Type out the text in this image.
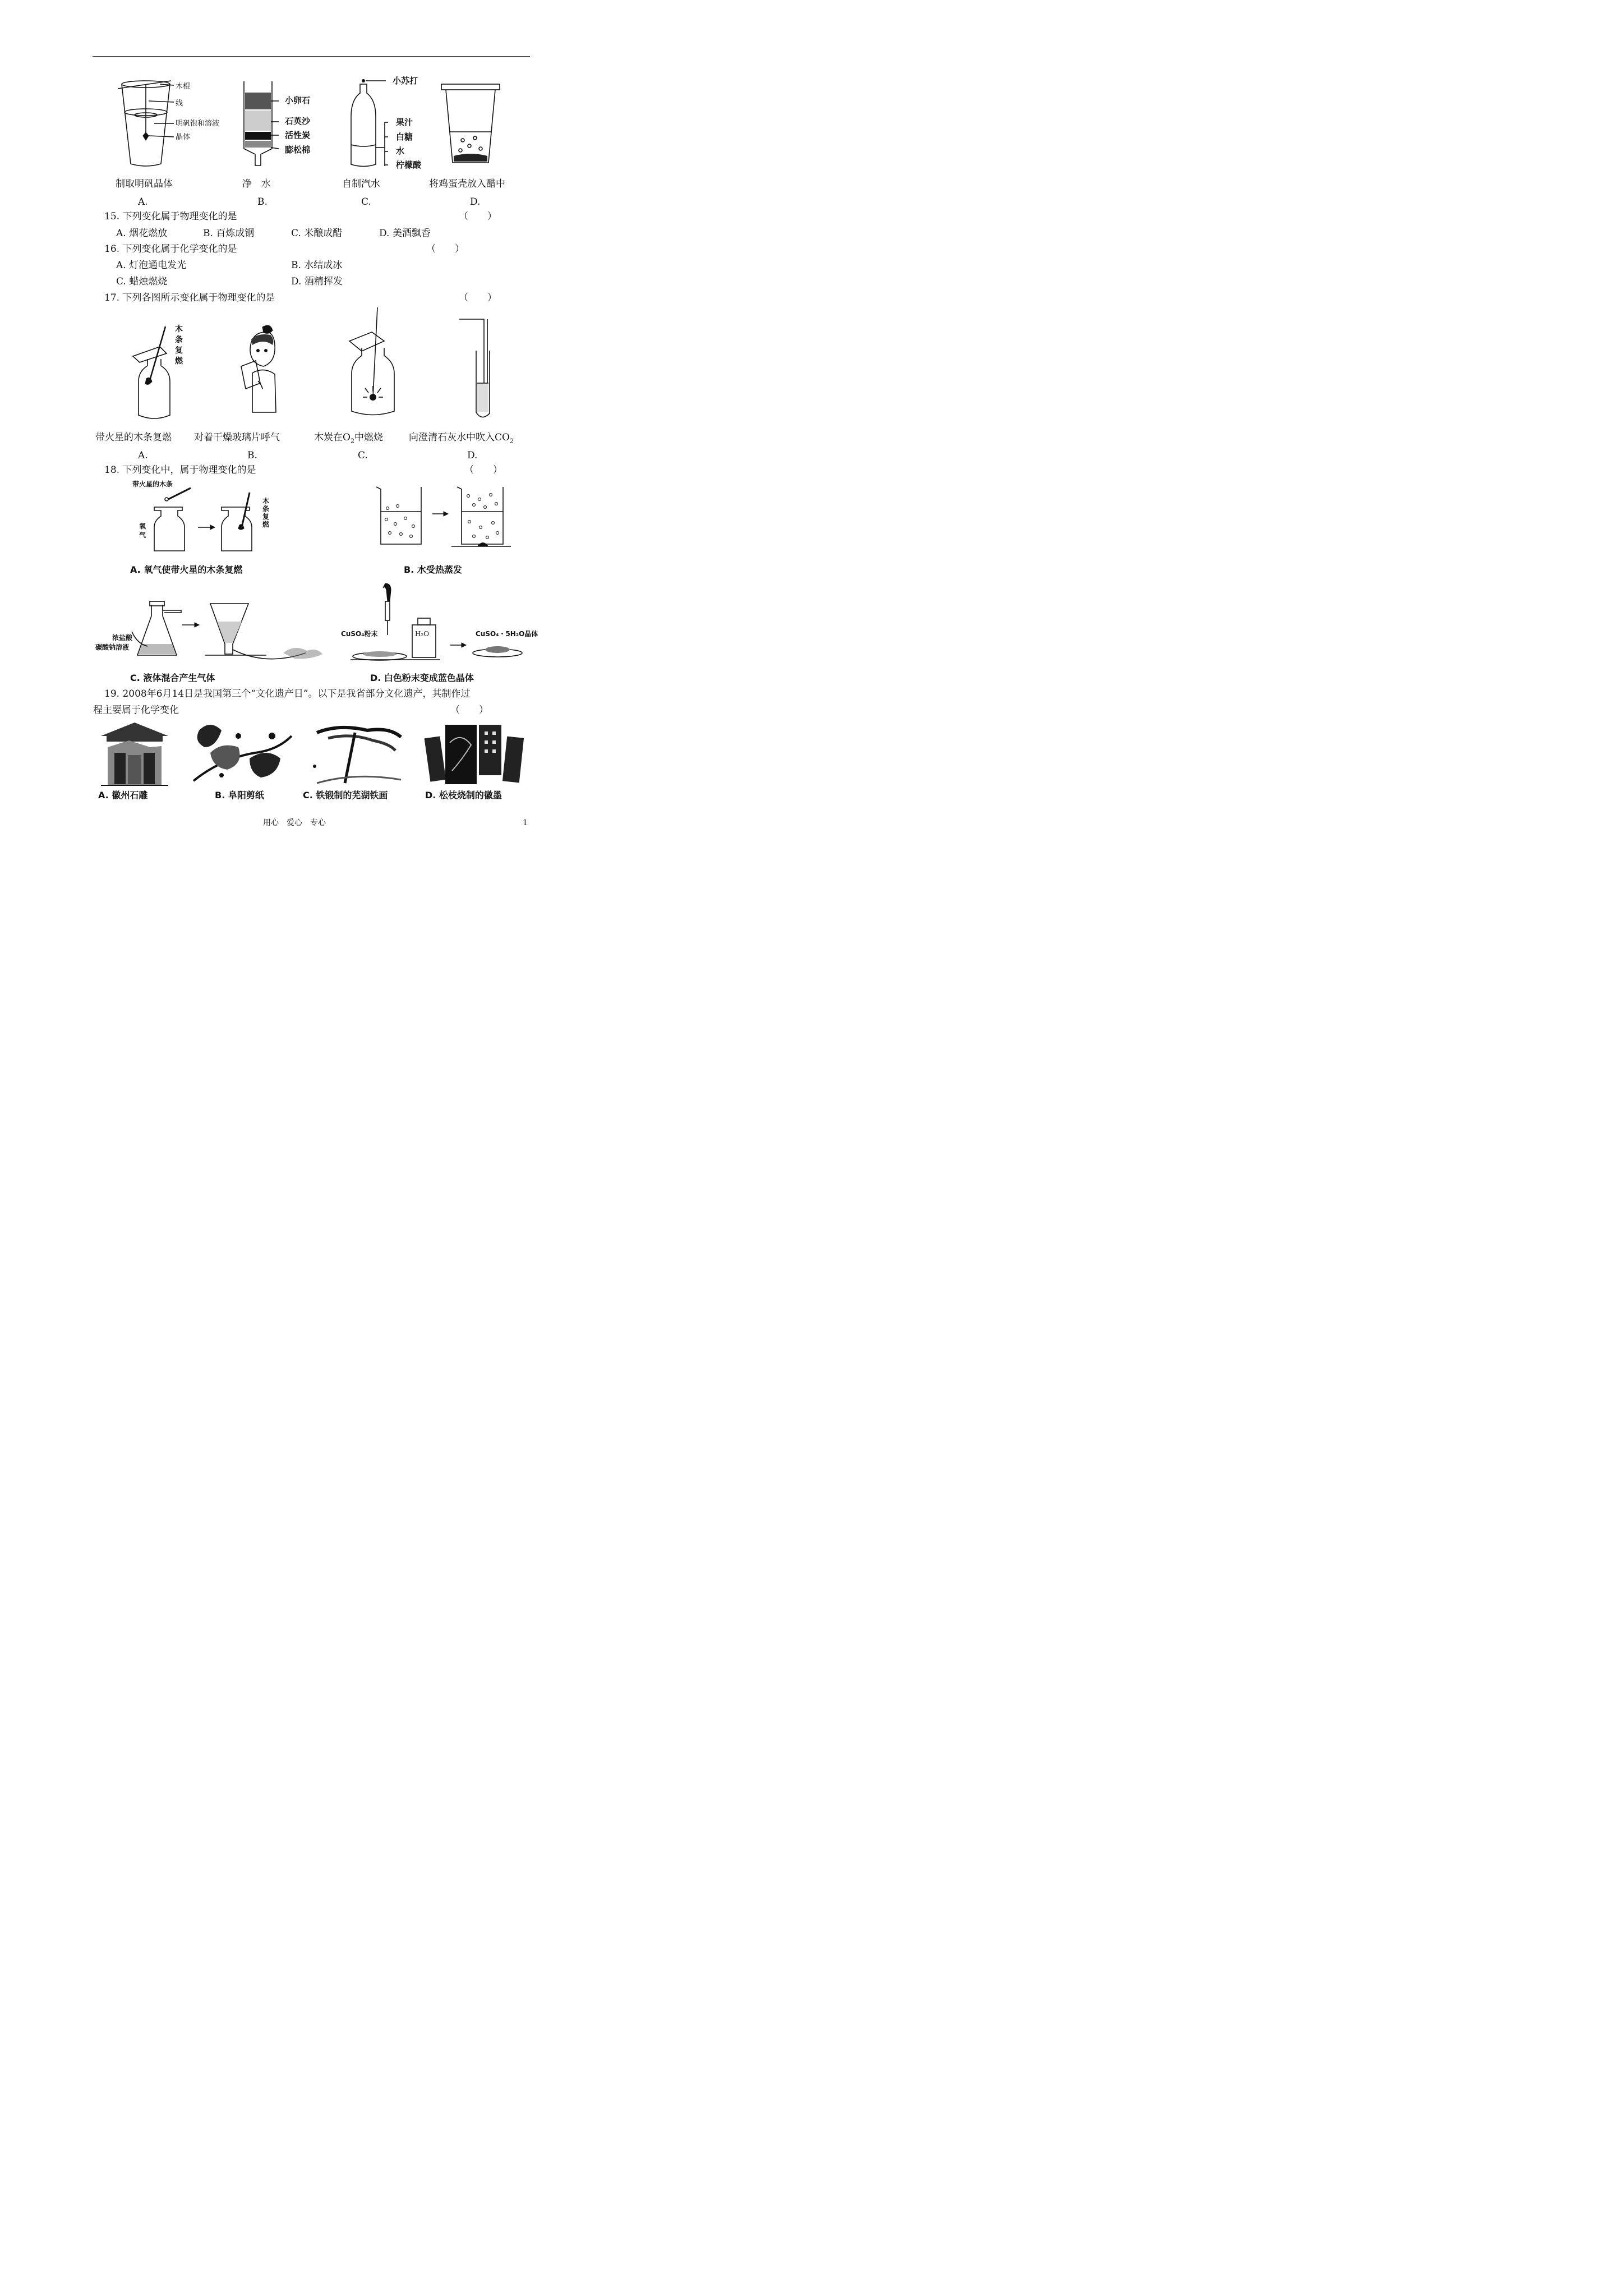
木棍
线
明矾饱和溶液
晶体
小卵石
石英沙
活性炭
膨松棉
小苏打
果汁
白糖
水
柠檬酸
制取明矾晶体	净　水	自制汽水	将鸡蛋壳放入醋中
A.	B.	C.	D.
15. 下列变化属于物理变化的是	（　　）
A. 烟花燃放	B. 百炼成钢	C. 米酿成醋	D. 美酒飘香
16. 下列变化属于化学变化的是	（　　）
A. 灯泡通电发光	B. 水结成冰
C. 蜡烛燃烧	D. 酒精挥发
17. 下列各图所示变化属于物理变化的是	（　　）
木条复燃
带火星的木条复燃 对着干燥玻璃片呼气	木炭在$O_2$中燃烧	向澄清石灰水中吹入$CO_2$
A.	B.	C.	D.
18. 下列变化中，属于物理变化的是	（　　）
带火星的木条
氧气
木条复燃
A. 氧气使带火星的木条复燃	B. 水受热蒸发
浓盐酸
碳酸钠溶液
C. 液体混合产生气体
CuSO₄粉末	H₂O	CuSO₄・5H₂O晶体
D. 白色粉末变成蓝色晶体
19. 2008年6月14日是我国第三个“文化遗产日”。以下是我省部分文化遗产，其制作过
程主要属于化学变化	（　　）
A. 徽州石雕	B. 阜阳剪纸	C. 铁锻制的芜湖铁画	D. 松枝烧制的徽墨
用心　爱心　专心	1
